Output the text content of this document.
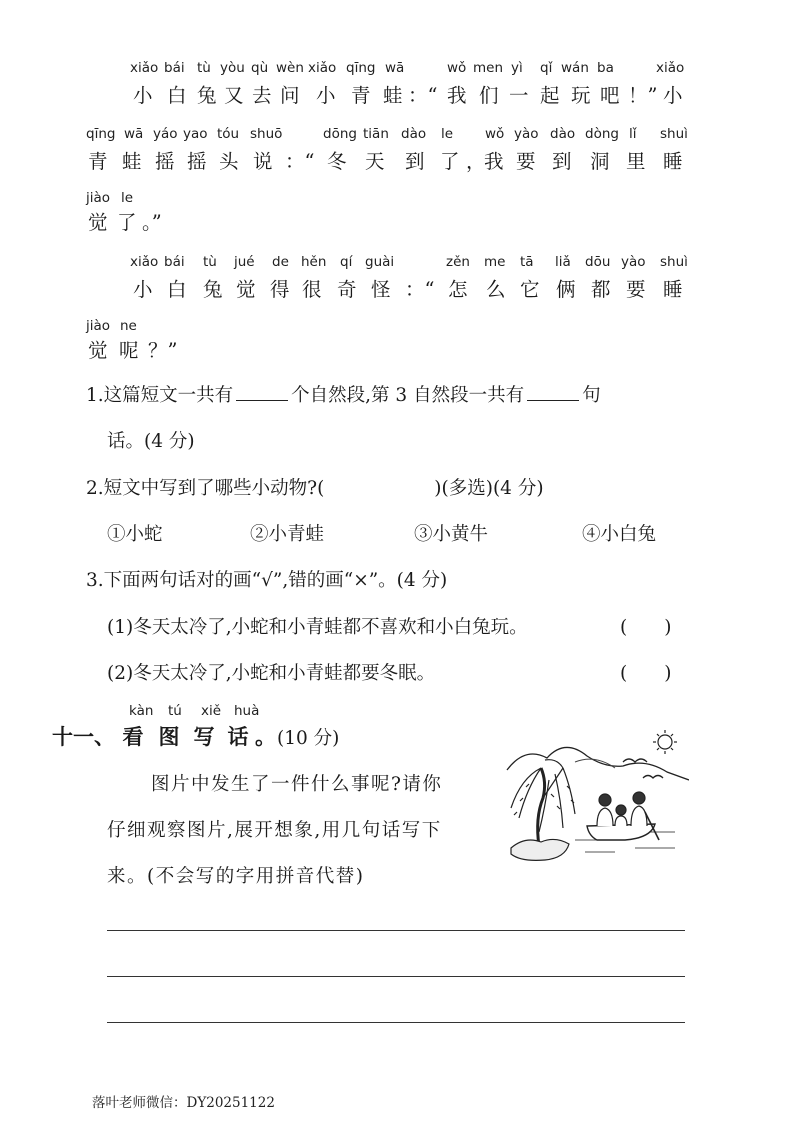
xiǎo bái tù yòu qù wèn xiǎo qīng wā	wǒ men yì qǐ wán ba	xiǎo
小 白 兔 又 去 问 小 青 蛙 ：“ 我 们 一 起 玩 吧 ！” 小
qīng wā yáo yao tóu shuō	dōng tiān dào le wǒ yào dào dòng lǐ shuì
青 蛙 摇 摇 头 说 ：“ 冬 天 到 了 ，
我 要 到 洞 里 睡
jiào le
觉 了 。”
xiǎo bái tù jué de hěn qí guài	zěn me tā liǎ dōu yào shuì
小 白 兔 觉 得 很 奇 怪 ：“ 怎 么 它 俩 都 要 睡
jiào ne
觉 呢 ？”
1.这篇短文一共有	个自然段,第 3 自然段一共有	句
话。(4 分)
2.短文中写到了哪些小动物?(	)(多选)(4 分)
①小蛇	②小青蛙	③小黄牛	④小白兔
3.下面两句话对的画“√”,错的画“×”。(4 分)
(1)冬天太冷了,小蛇和小青蛙都不喜欢和小白兔玩。	(　　)
(2)冬天太冷了,小蛇和小青蛙都要冬眠。	(　　)
kàn tú xiě huà
十一、 看 图 写 话 。(10 分)
图片中发生了一件什么事呢?请你
仔细观察图片,展开想象,用几句话写下
来。(不会写的字用拼音代替)
落叶老师微信：DY20251122
